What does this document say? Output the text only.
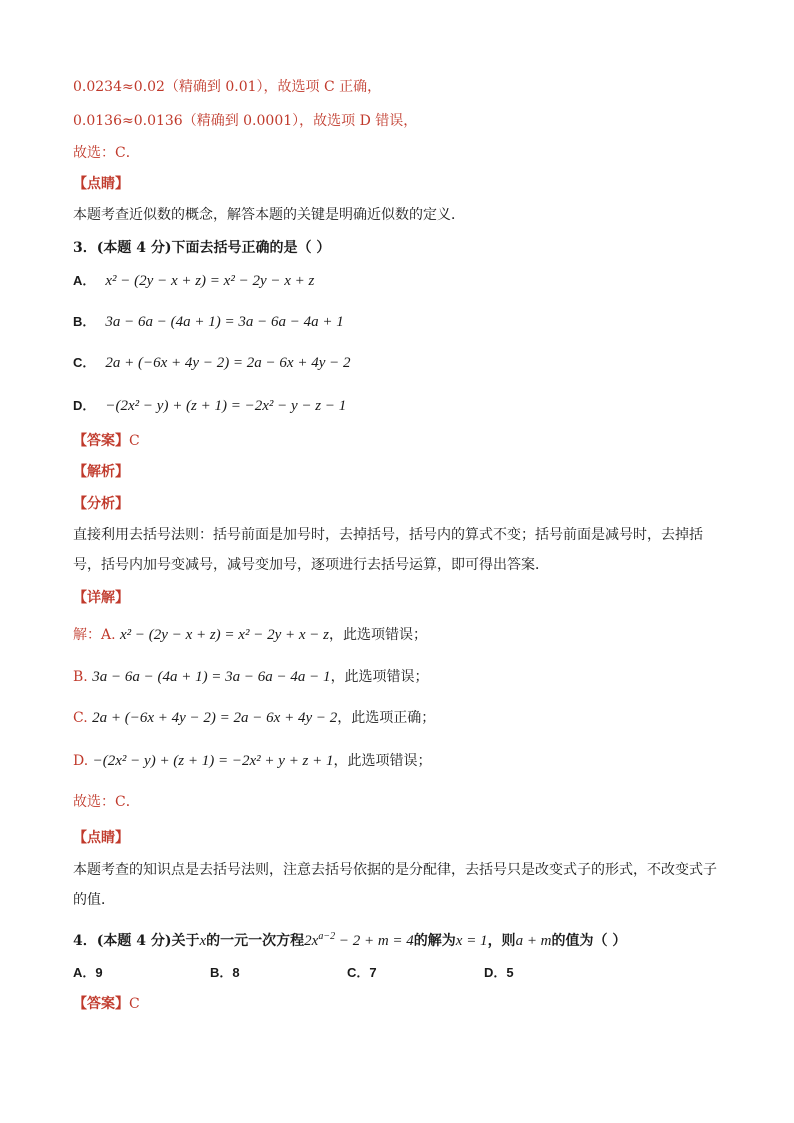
0.0234≈0.02（精确到 0.01），故选项 C 正确，
0.0136≈0.0136（精确到 0.0001），故选项 D 错误，
故选：C．
【点睛】
本题考查近似数的概念，解答本题的关键是明确近似数的定义．
3．(本题 4 分)下面去括号正确的是（ ）
A． x² − (2y − x + z) = x² − 2y − x + z
B． 3a − 6a − (4a + 1) = 3a − 6a − 4a + 1
C． 2a + (−6x + 4y − 2) = 2a − 6x + 4y − 2
D． −(2x² − y) + (z + 1) = −2x² − y − z − 1
【答案】C
【解析】
【分析】
直接利用去括号法则：括号前面是加号时，去掉括号，括号内的算式不变；括号前面是减号时，去掉括号，括号内加号变减号，减号变加号，逐项进行去括号运算，即可得出答案．
【详解】
解：A. x² − (2y − x + z) = x² − 2y + x − z，此选项错误；
B. 3a − 6a − (4a + 1) = 3a − 6a − 4a − 1，此选项错误；
C. 2a + (−6x + 4y − 2) = 2a − 6x + 4y − 2，此选项正确；
D. −(2x² − y) + (z + 1) = −2x² + y + z + 1，此选项错误；
故选：C．
【点睛】
本题考查的知识点是去括号法则，注意去括号依据的是分配律，去括号只是改变式子的形式，不改变式子的值．
4．(本题 4 分)关于x的一元一次方程$2x^{a-2} - 2 + m = 4$的解为x = 1，则a + m的值为（ ）
A．9	B．8	C．7	D．5
【答案】C
